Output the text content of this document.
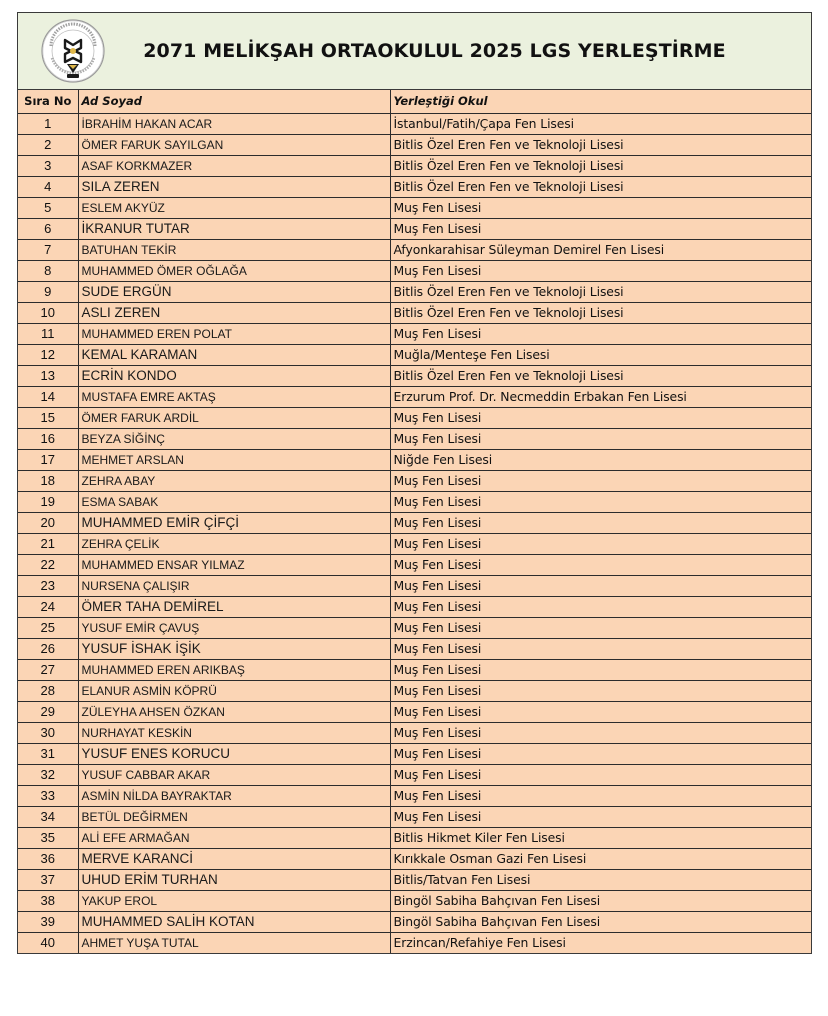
2071 MELİKŞAH ORTAOKULUL 2025 LGS YERLEŞTİRME
Sıra No	Ad Soyad	Yerleştiği Okul
1	İBRAHİM HAKAN ACAR	İstanbul/Fatih/Çapa Fen Lisesi
2	ÖMER FARUK SAYILGAN	Bitlis Özel Eren Fen ve Teknoloji Lisesi
3	ASAF KORKMAZER	Bitlis Özel Eren Fen ve Teknoloji Lisesi
4	SILA ZEREN	Bitlis Özel Eren Fen ve Teknoloji Lisesi
5	ESLEM AKYÜZ	Muş Fen Lisesi
6	İKRANUR TUTAR	Muş Fen Lisesi
7	BATUHAN TEKİR	Afyonkarahisar Süleyman Demirel Fen Lisesi
8	MUHAMMED ÖMER OĞLAĞA	Muş Fen Lisesi
9	SUDE ERGÜN	Bitlis Özel Eren Fen ve Teknoloji Lisesi
10	ASLI ZEREN	Bitlis Özel Eren Fen ve Teknoloji Lisesi
11	MUHAMMED EREN POLAT	Muş Fen Lisesi
12	KEMAL KARAMAN	Muğla/Menteşe Fen Lisesi
13	ECRİN KONDO	Bitlis Özel Eren Fen ve Teknoloji Lisesi
14	MUSTAFA EMRE AKTAŞ	Erzurum Prof. Dr. Necmeddin Erbakan Fen Lisesi
15	ÖMER FARUK ARDİL	Muş Fen Lisesi
16	BEYZA SİĞİNÇ	Muş Fen Lisesi
17	MEHMET ARSLAN	Niğde Fen Lisesi
18	ZEHRA ABAY	Muş Fen Lisesi
19	ESMA SABAK	Muş Fen Lisesi
20	MUHAMMED EMİR ÇİFÇİ	Muş Fen Lisesi
21	ZEHRA ÇELİK	Muş Fen Lisesi
22	MUHAMMED ENSAR YILMAZ	Muş Fen Lisesi
23	NURSENA ÇALIŞIR	Muş Fen Lisesi
24	ÖMER TAHA DEMİREL	Muş Fen Lisesi
25	YUSUF EMİR ÇAVUŞ	Muş Fen Lisesi
26	YUSUF İSHAK İŞİK	Muş Fen Lisesi
27	MUHAMMED EREN ARIKBAŞ	Muş Fen Lisesi
28	ELANUR ASMİN KÖPRÜ	Muş Fen Lisesi
29	ZÜLEYHA AHSEN ÖZKAN	Muş Fen Lisesi
30	NURHAYAT KESKİN	Muş Fen Lisesi
31	YUSUF ENES KORUCU	Muş Fen Lisesi
32	YUSUF CABBAR AKAR	Muş Fen Lisesi
33	ASMİN NİLDA BAYRAKTAR	Muş Fen Lisesi
34	BETÜL DEĞİRMEN	Muş Fen Lisesi
35	ALİ EFE ARMAĞAN	Bitlis Hikmet Kiler Fen Lisesi
36	MERVE KARANCİ	Kırıkkale Osman Gazi Fen Lisesi
37	UHUD ERİM TURHAN	Bitlis/Tatvan Fen Lisesi
38	YAKUP EROL	Bingöl Sabiha Bahçıvan Fen Lisesi
39	MUHAMMED SALİH KOTAN	Bingöl Sabiha Bahçıvan Fen Lisesi
40	AHMET YUŞA TUTAL	Erzincan/Refahiye Fen Lisesi
